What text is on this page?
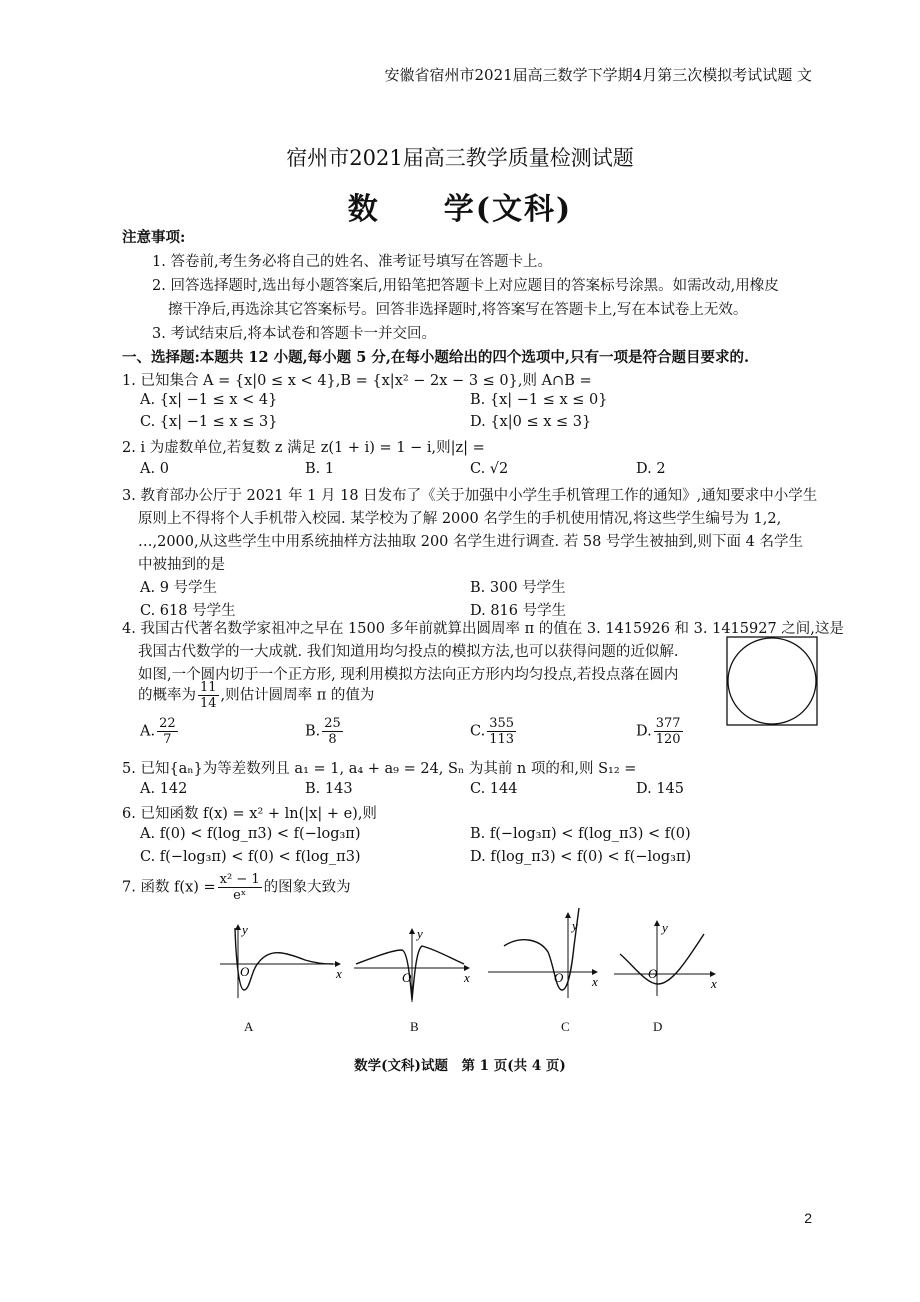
安徽省宿州市2021届高三数学下学期4月第三次模拟考试试题 文
宿州市2021届高三教学质量检测试题
数　　学(文科)
注意事项:
1. 答卷前,考生务必将自己的姓名、准考证号填写在答题卡上。
2. 回答选择题时,选出每小题答案后,用铅笔把答题卡上对应题目的答案标号涂黑。如需改动,用橡皮
擦干净后,再选涂其它答案标号。回答非选择题时,将答案写在答题卡上,写在本试卷上无效。
3. 考试结束后,将本试卷和答题卡一并交回。
一、选择题:本题共 12 小题,每小题 5 分,在每小题给出的四个选项中,只有一项是符合题目要求的.
1. 已知集合 A = {x|0 ≤ x < 4},B = {x|x² − 2x − 3 ≤ 0},则 A∩B =
A. {x| −1 ≤ x < 4}	B. {x| −1 ≤ x ≤ 0}
C. {x| −1 ≤ x ≤ 3}	D. {x|0 ≤ x ≤ 3}
2. i 为虚数单位,若复数 z 满足 z(1 + i) = 1 − i,则|z| =
A. 0	B. 1	C. √2	D. 2
3. 教育部办公厅于 2021 年 1 月 18 日发布了《关于加强中小学生手机管理工作的通知》,通知要求中小学生
原则上不得将个人手机带入校园. 某学校为了解 2000 名学生的手机使用情况,将这些学生编号为 1,2,
…,2000,从这些学生中用系统抽样方法抽取 200 名学生进行调查. 若 58 号学生被抽到,则下面 4 名学生
中被抽到的是
A. 9 号学生	B. 300 号学生
C. 618 号学生	D. 816 号学生
4. 我国古代著名数学家祖冲之早在 1500 多年前就算出圆周率 π 的值在 3. 1415926 和 3. 1415927 之间,这是
我国古代数学的一大成就. 我们知道用均匀投点的模拟方法,也可以获得问题的近似解.
如图,一个圆内切于一个正方形, 现利用模拟方法向正方形内均匀投点,若投点落在圆内
的概率为 $\frac{11}{14}$ ,则估计圆周率 π 的值为
A. $\frac{22}{7}$	B. $\frac{25}{8}$	C. $\frac{355}{113}$	D. $\frac{377}{120}$
5. 已知{aₙ}为等差数列且 a₁ = 1, a₄ + a₉ = 24, Sₙ 为其前 n 项的和,则 S₁₂ =
A. 142	B. 143	C. 144	D. 145
6. 已知函数 f(x) = x² + ln(|x| + e),则
A. f(0) < f(log_π3) < f(−log₃π)	B. f(−log₃π) < f(log_π3) < f(0)
C. f(−log₃π) < f(0) < f(log_π3)	D. f(log_π3) < f(0) < f(−log₃π)
7. 函数 $f(x) = \frac{\text{x² − 1}}{\text{eˣ}}$ 的图象大致为
y
x
O
A
y
x
O
B
y
x
O
C
y
x
O
D
数学(文科)试题　第 1 页(共 4 页)
2
